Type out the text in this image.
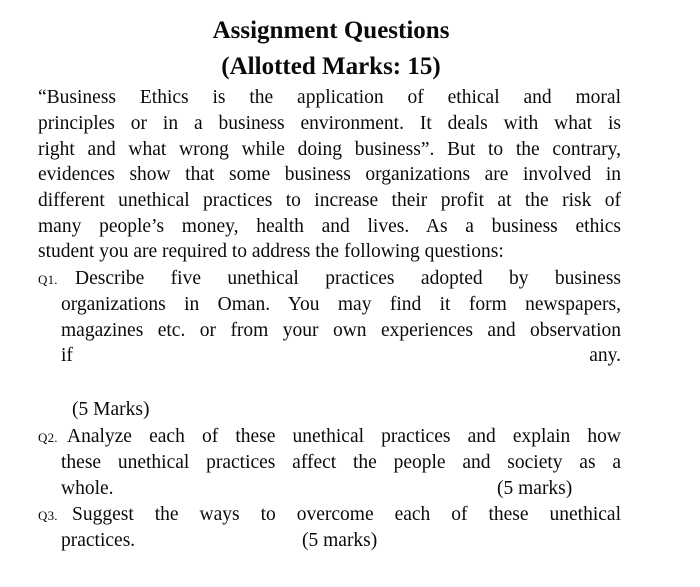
Assignment Questions
(Allotted Marks: 15)
“Business Ethics is the application of ethical and moral
principles or in a business environment. It deals with what is
right and what wrong while doing business”. But to the contrary,
evidences show that some business organizations are involved in
different unethical practices to increase their profit at the risk of
many people’s money, health and lives. As a business ethics
student you are required to address the following questions:
Q1. Describe five unethical practices adopted by business
organizations in Oman. You may find it form newspapers,
magazines etc. or from your own experiences and observation
if	any.
(5 Marks)
Q2. Analyze each of these unethical practices and explain how
these unethical practices affect the people and society as a
whole.	(5 marks)
Q3. Suggest the ways to overcome each of these unethical
practices.	(5 marks)
